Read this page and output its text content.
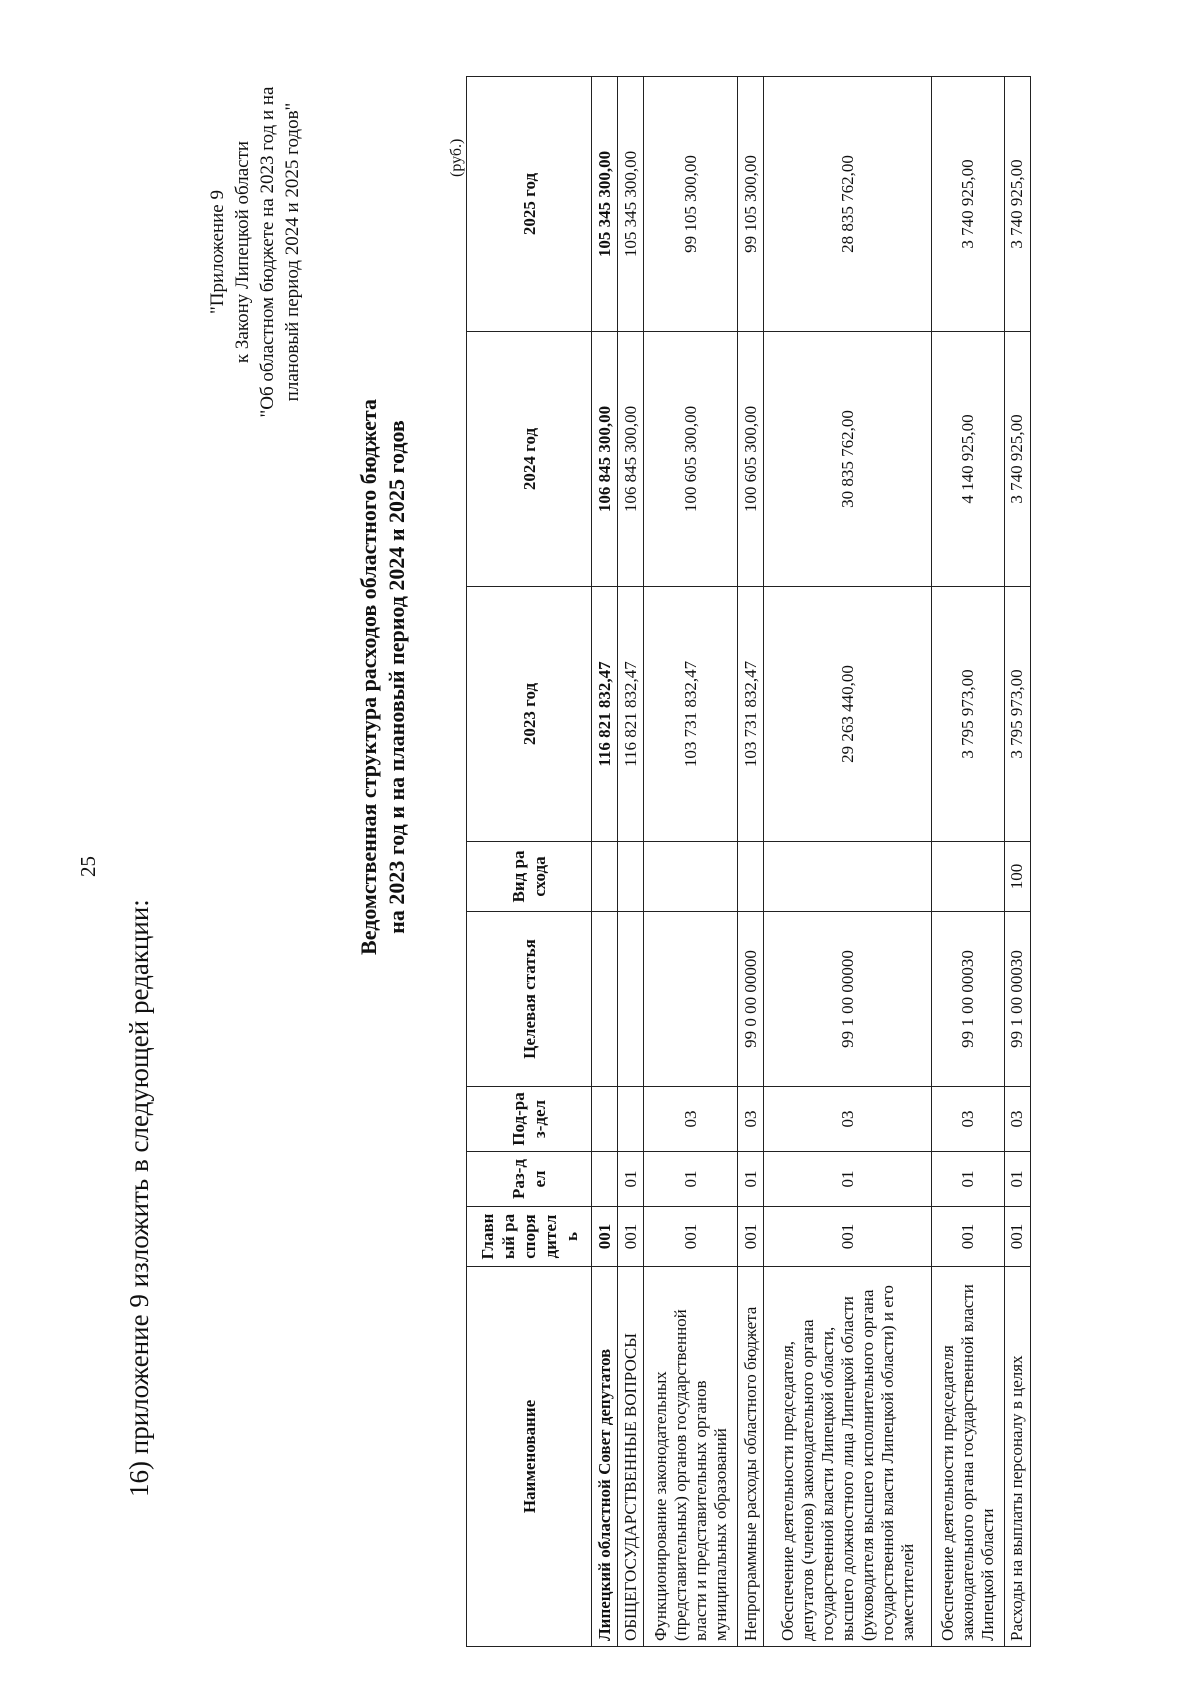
25
16) приложение 9 изложить в следующей редакции:
"Приложение 9 к Закону Липецкой области "Об областном бюджете на 2023 год и на плановый период 2024 и 2025 годов"
Ведомственная структура расходов областного бюджета на 2023 год и на плановый период 2024 и 2025 годов
(руб.)
Наименование	Главный распорядитель	Раз-дел	Под-раз-дел	Целевая статья	Вид расхода	2023 год	2024 год	2025 год
Липецкий областной Совет депутатов	001					116 821 832,47	106 845 300,00	105 345 300,00
ОБЩЕГОСУДАРСТВЕННЫЕ ВОПРОСЫ	001	01				116 821 832,47	106 845 300,00	105 345 300,00
Функционирование законодательных (представительных) органов государственной власти и представительных органов муниципальных образований	001	01	03			103 731 832,47	100 605 300,00	99 105 300,00
Непрограммные расходы областного бюджета	001	01	03	99 0 00 00000		103 731 832,47	100 605 300,00	99 105 300,00
Обеспечение деятельности председателя, депутатов (членов) законодательного органа государственной власти Липецкой области, высшего должностного лица Липецкой области (руководителя высшего исполнительного органа государственной власти Липецкой области) и его заместителей	001	01	03	99 1 00 00000		29 263 440,00	30 835 762,00	28 835 762,00
Обеспечение деятельности председателя законодательного органа государственной власти Липецкой области	001	01	03	99 1 00 00030		3 795 973,00	4 140 925,00	3 740 925,00
Расходы на выплаты персоналу в целях	001	01	03	99 1 00 00030	100	3 795 973,00	3 740 925,00	3 740 925,00
